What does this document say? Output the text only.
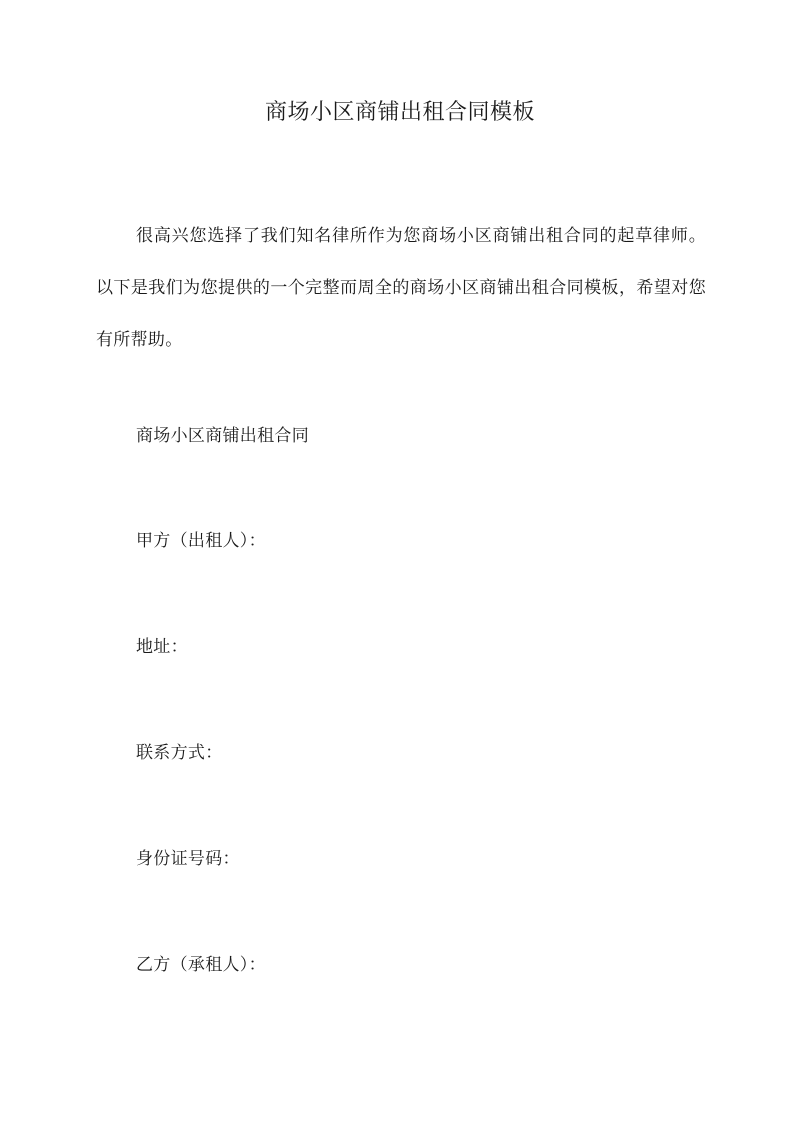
商场小区商铺出租合同模板

很高兴您选择了我们知名律所作为您商场小区商铺出租合同的起草律师。以下是我们为您提供的一个完整而周全的商场小区商铺出租合同模板，希望对您有所帮助。

商场小区商铺出租合同

甲方（出租人）：

地址：

联系方式：

身份证号码：

乙方（承租人）：
